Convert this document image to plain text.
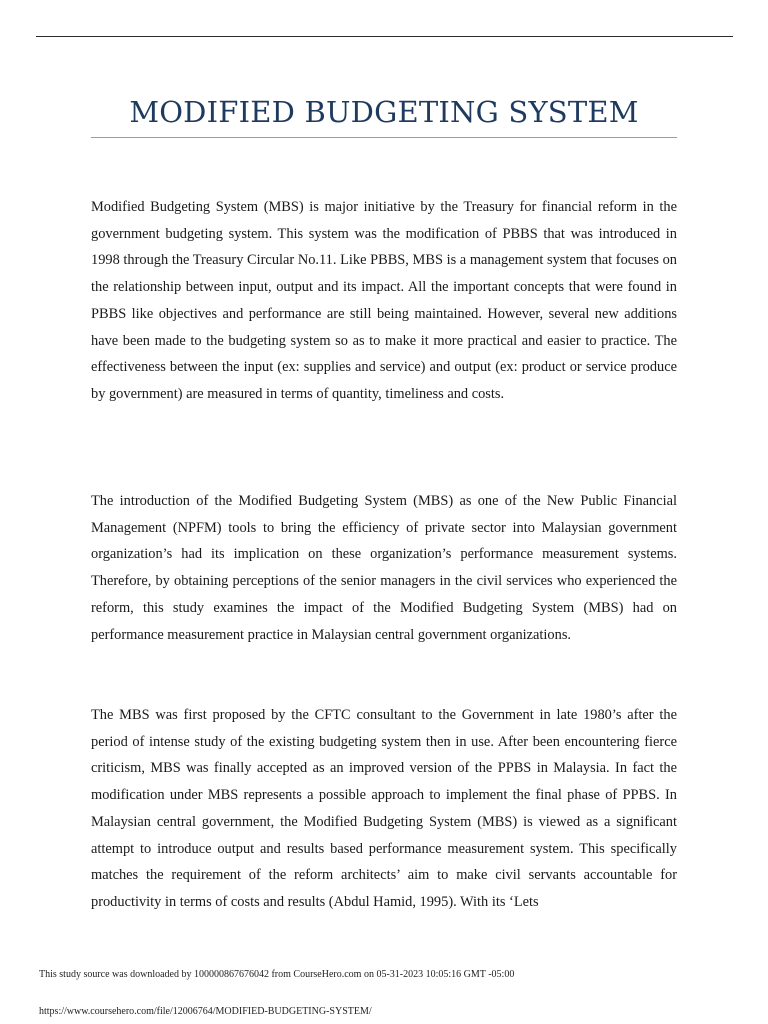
MODIFIED BUDGETING SYSTEM

Modified Budgeting System (MBS) is major initiative by the Treasury for financial reform in the government budgeting system. This system was the modification of PBBS that was introduced in 1998 through the Treasury Circular No.11. Like PBBS, MBS is a management system that focuses on the relationship between input, output and its impact. All the important concepts that were found in PBBS like objectives and performance are still being maintained. However, several new additions have been made to the budgeting system so as to make it more practical and easier to practice. The effectiveness between the input (ex: supplies and service) and output (ex: product or service produce by government) are measured in terms of quantity, timeliness and costs.

The introduction of the Modified Budgeting System (MBS) as one of the New Public Financial Management (NPFM) tools to bring the efficiency of private sector into Malaysian government organization’s had its implication on these organization’s performance measurement systems. Therefore, by obtaining perceptions of the senior managers in the civil services who experienced the reform, this study examines the impact of the Modified Budgeting System (MBS) had on performance measurement practice in Malaysian central government organizations.

The MBS was first proposed by the CFTC consultant to the Government in late 1980’s after the period of intense study of the existing budgeting system then in use. After been encountering fierce criticism, MBS was finally accepted as an improved version of the PPBS in Malaysia. In fact the modification under MBS represents a possible approach to implement the final phase of PPBS. In Malaysian central government, the Modified Budgeting System (MBS) is viewed as a significant attempt to introduce output and results based performance measurement system. This specifically matches the requirement of the reform architects’ aim to make civil servants accountable for productivity in terms of costs and results (Abdul Hamid, 1995). With its ‘Lets

This study source was downloaded by 100000867676042 from CourseHero.com on 05-31-2023 10:05:16 GMT -05:00

https://www.coursehero.com/file/12006764/MODIFIED-BUDGETING-SYSTEM/
